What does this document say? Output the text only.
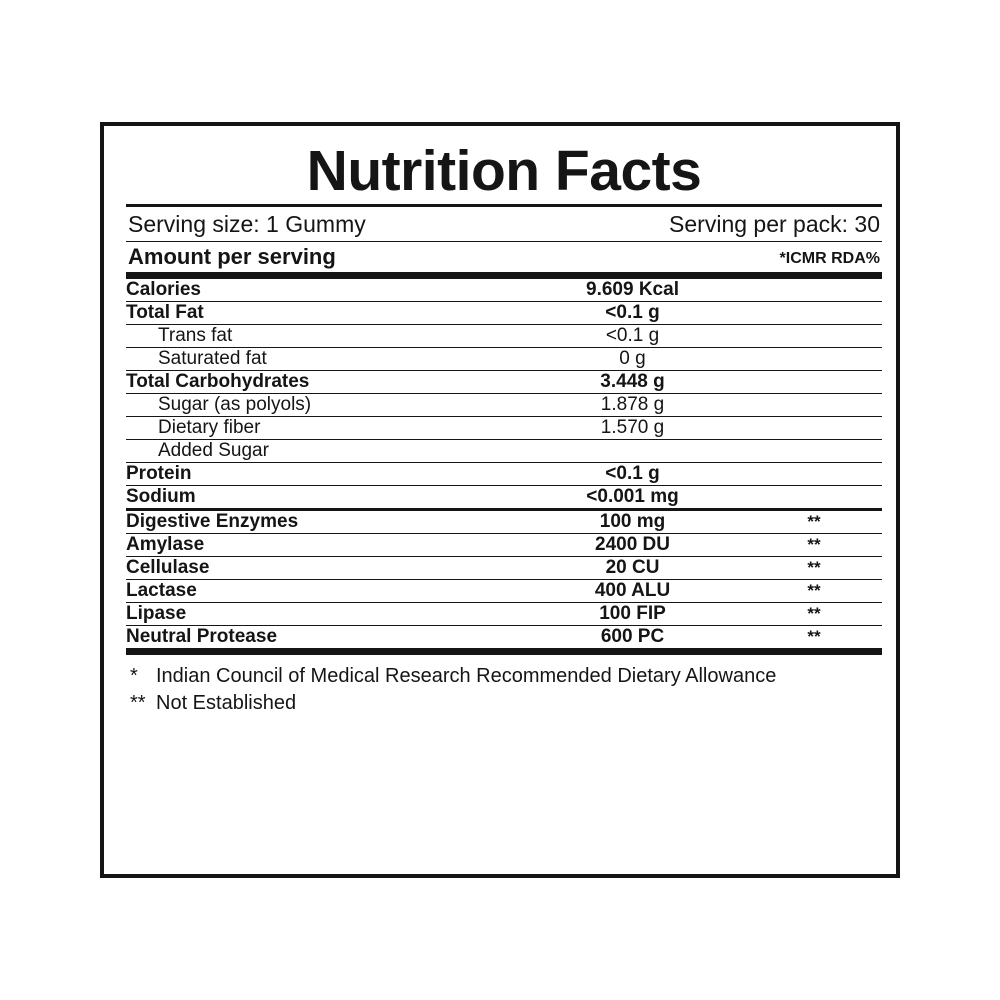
Nutrition Facts
Serving size: 1 Gummy	Serving per pack: 30
Amount per serving	*ICMR RDA%
Calories	9.609 Kcal	
Total Fat	<0.1 g	
Trans fat	<0.1 g	
Saturated fat	0 g	
Total Carbohydrates	3.448 g	
Sugar (as polyols)	1.878 g	
Dietary fiber	1.570 g	
Added Sugar		
Protein	<0.1 g	
Sodium	<0.001 mg	
Digestive Enzymes	100 mg	**
Amylase	2400 DU	**
Cellulase	20 CU	**
Lactase	400 ALU	**
Lipase	100 FIP	**
Neutral Protease	600 PC	**
* Indian Council of Medical Research Recommended Dietary Allowance
** Not Established
